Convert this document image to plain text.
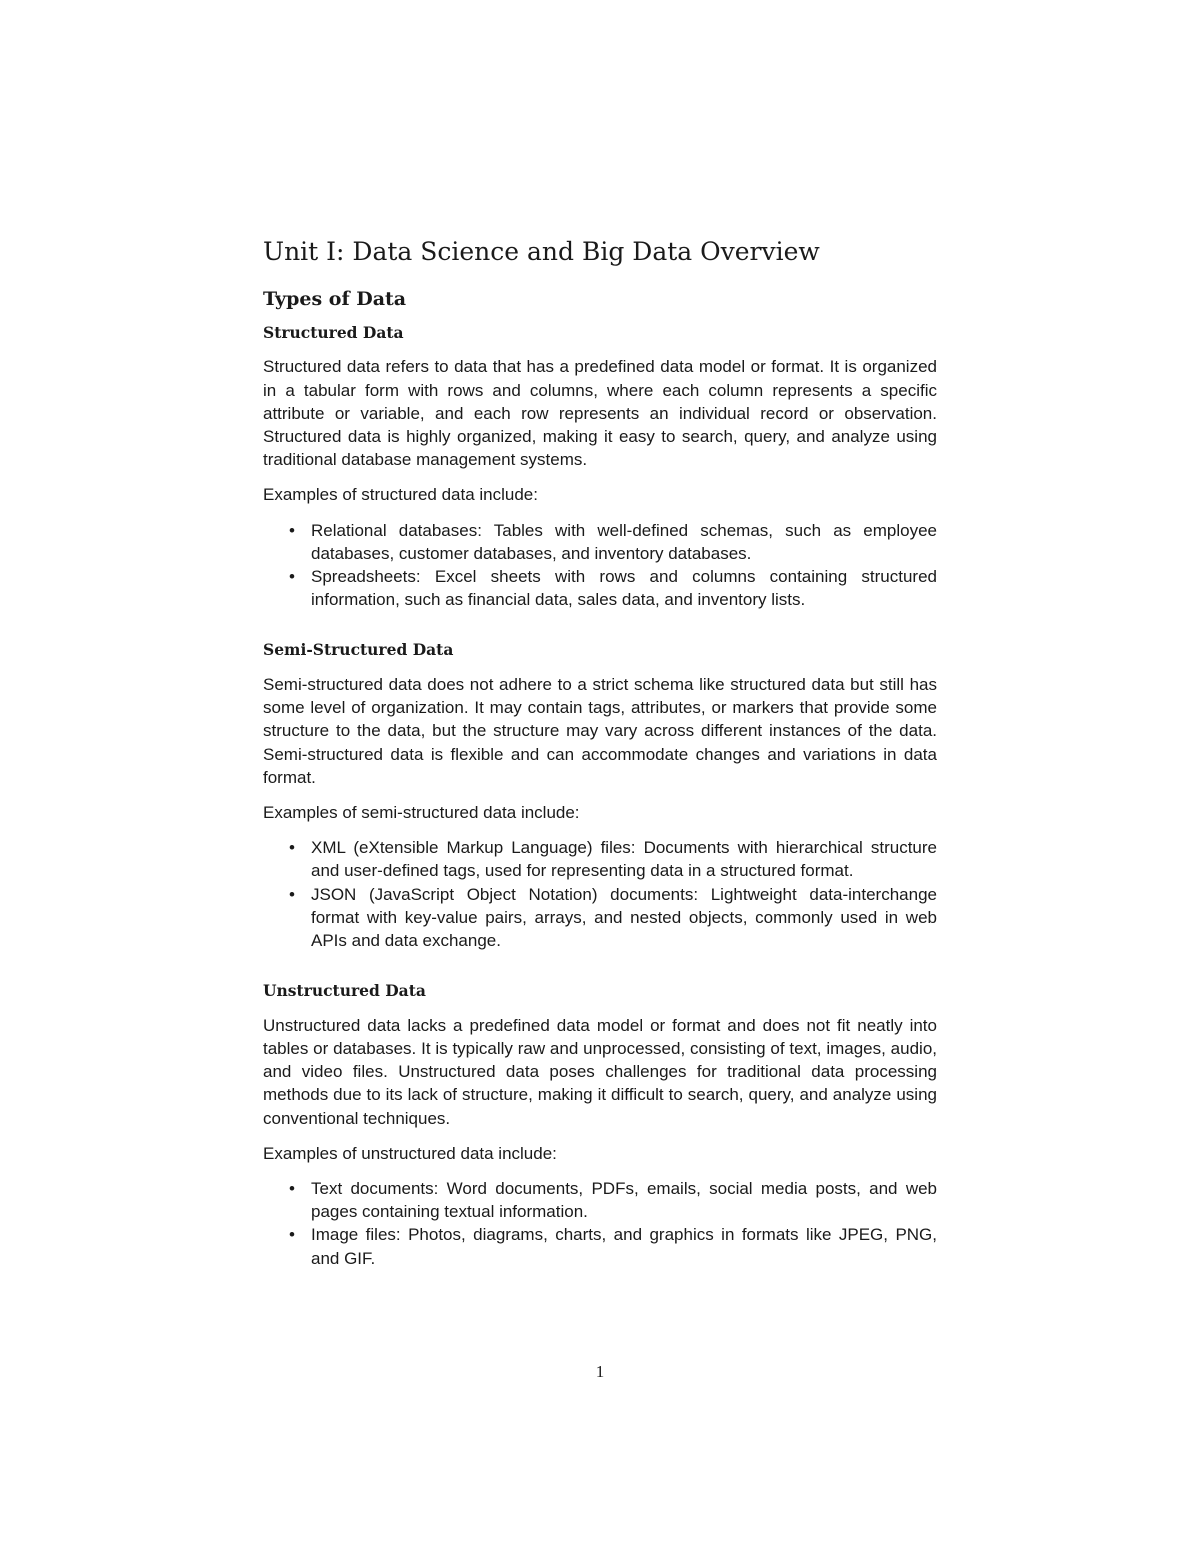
Unit I: Data Science and Big Data Overview
Types of Data
Structured Data

Structured data refers to data that has a predefined data model or format. It is organized in a tabular form with rows and columns, where each column represents a specific attribute or variable, and each row represents an individual record or observation. Structured data is highly organized, making it easy to search, query, and analyze using traditional database management systems.

Examples of structured data include:

• Relational databases: Tables with well-defined schemas, such as employee databases, customer databases, and inventory databases.
• Spreadsheets: Excel sheets with rows and columns containing structured information, such as financial data, sales data, and inventory lists.
Semi-Structured Data

Semi-structured data does not adhere to a strict schema like structured data but still has some level of organization. It may contain tags, attributes, or markers that provide some structure to the data, but the structure may vary across different instances of the data. Semi-structured data is flexible and can accommodate changes and variations in data format.

Examples of semi-structured data include:

• XML (eXtensible Markup Language) files: Documents with hierarchical structure and user-defined tags, used for representing data in a structured format.
• JSON (JavaScript Object Notation) documents: Lightweight data-interchange format with key-value pairs, arrays, and nested objects, commonly used in web APIs and data exchange.
Unstructured Data

Unstructured data lacks a predefined data model or format and does not fit neatly into tables or databases. It is typically raw and unprocessed, consisting of text, images, audio, and video files. Unstructured data poses challenges for traditional data processing methods due to its lack of structure, making it difficult to search, query, and analyze using conventional techniques.

Examples of unstructured data include:

• Text documents: Word documents, PDFs, emails, social media posts, and web pages containing textual information.
• Image files: Photos, diagrams, charts, and graphics in formats like JPEG, PNG, and GIF.
1
